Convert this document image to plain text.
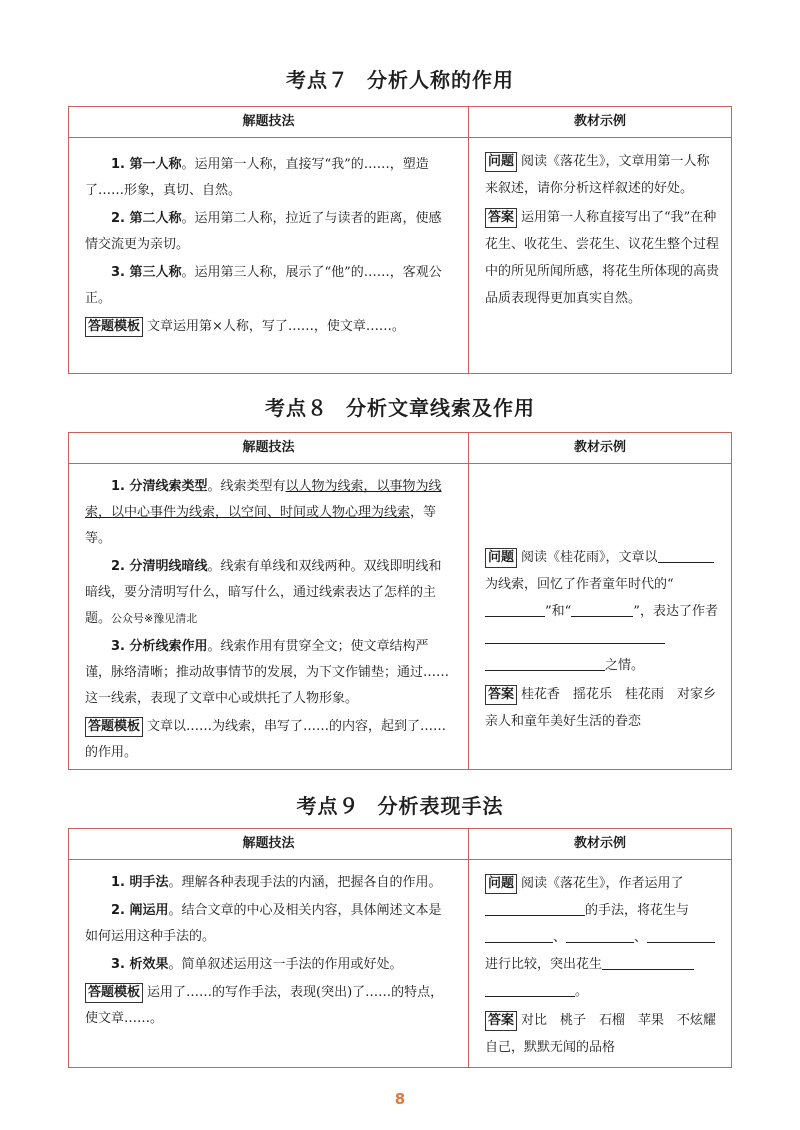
考点７ 分析人称的作用
解题技法

1. 第一人称。运用第一人称，直接写“我”的……，塑造了……形象，真切、自然。

2. 第二人称。运用第二人称，拉近了与读者的距离，使感情交流更为亲切。

3. 第三人称。运用第三人称，展示了“他”的……，客观公正。

答题模板 文章运用第×人称，写了……，使文章……。

教材示例

问题 阅读《落花生》，文章用第一人称来叙述，请你分析这样叙述的好处。

答案 运用第一人称直接写出了“我”在种花生、收花生、尝花生、议花生整个过程中的所见所闻所感，将花生所体现的高贵品质表现得更加真实自然。

考点８ 分析文章线索及作用
解题技法

1. 分清线索类型。线索类型有以人物为线索，以事物为线索，以中心事件为线索，以空间、时间或人物心理为线索，等等。

2. 分清明线暗线。线索有单线和双线两种。双线即明线和暗线，要分清明写什么，暗写什么，通过线索表达了怎样的主题。公众号※豫见清北

3. 分析线索作用。线索作用有贯穿全文；使文章结构严谨，脉络清晰；推动故事情节的发展，为下文作铺垫；通过……这一线索，表现了文章中心或烘托了人物形象。

答题模板 文章以……为线索，串写了……的内容，起到了……的作用。

教材示例

问题 阅读《桂花雨》，文章以为线索，回忆了作者童年时代的“”和“	”，表达了作者
之情。

答案 桂花香　摇花乐　桂花雨　对家乡亲人和童年美好生活的眷恋

考点９ 分析表现手法
解题技法

1. 明手法。理解各种表现手法的内涵，把握各自的作用。

2. 阐运用。结合文章的中心及相关内容，具体阐述文本是如何运用这种手法的。

3. 析效果。简单叙述运用这一手法的作用或好处。

答题模板 运用了……的写作手法，表现(突出)了……的特点，使文章……。

教材示例

问题 阅读《落花生》，作者运用了
的手法，将花生与
、	、
进行比较，突出花生
。

答案 对比　桃子　石榴　苹果　不炫耀自己，默默无闻的品格

8
